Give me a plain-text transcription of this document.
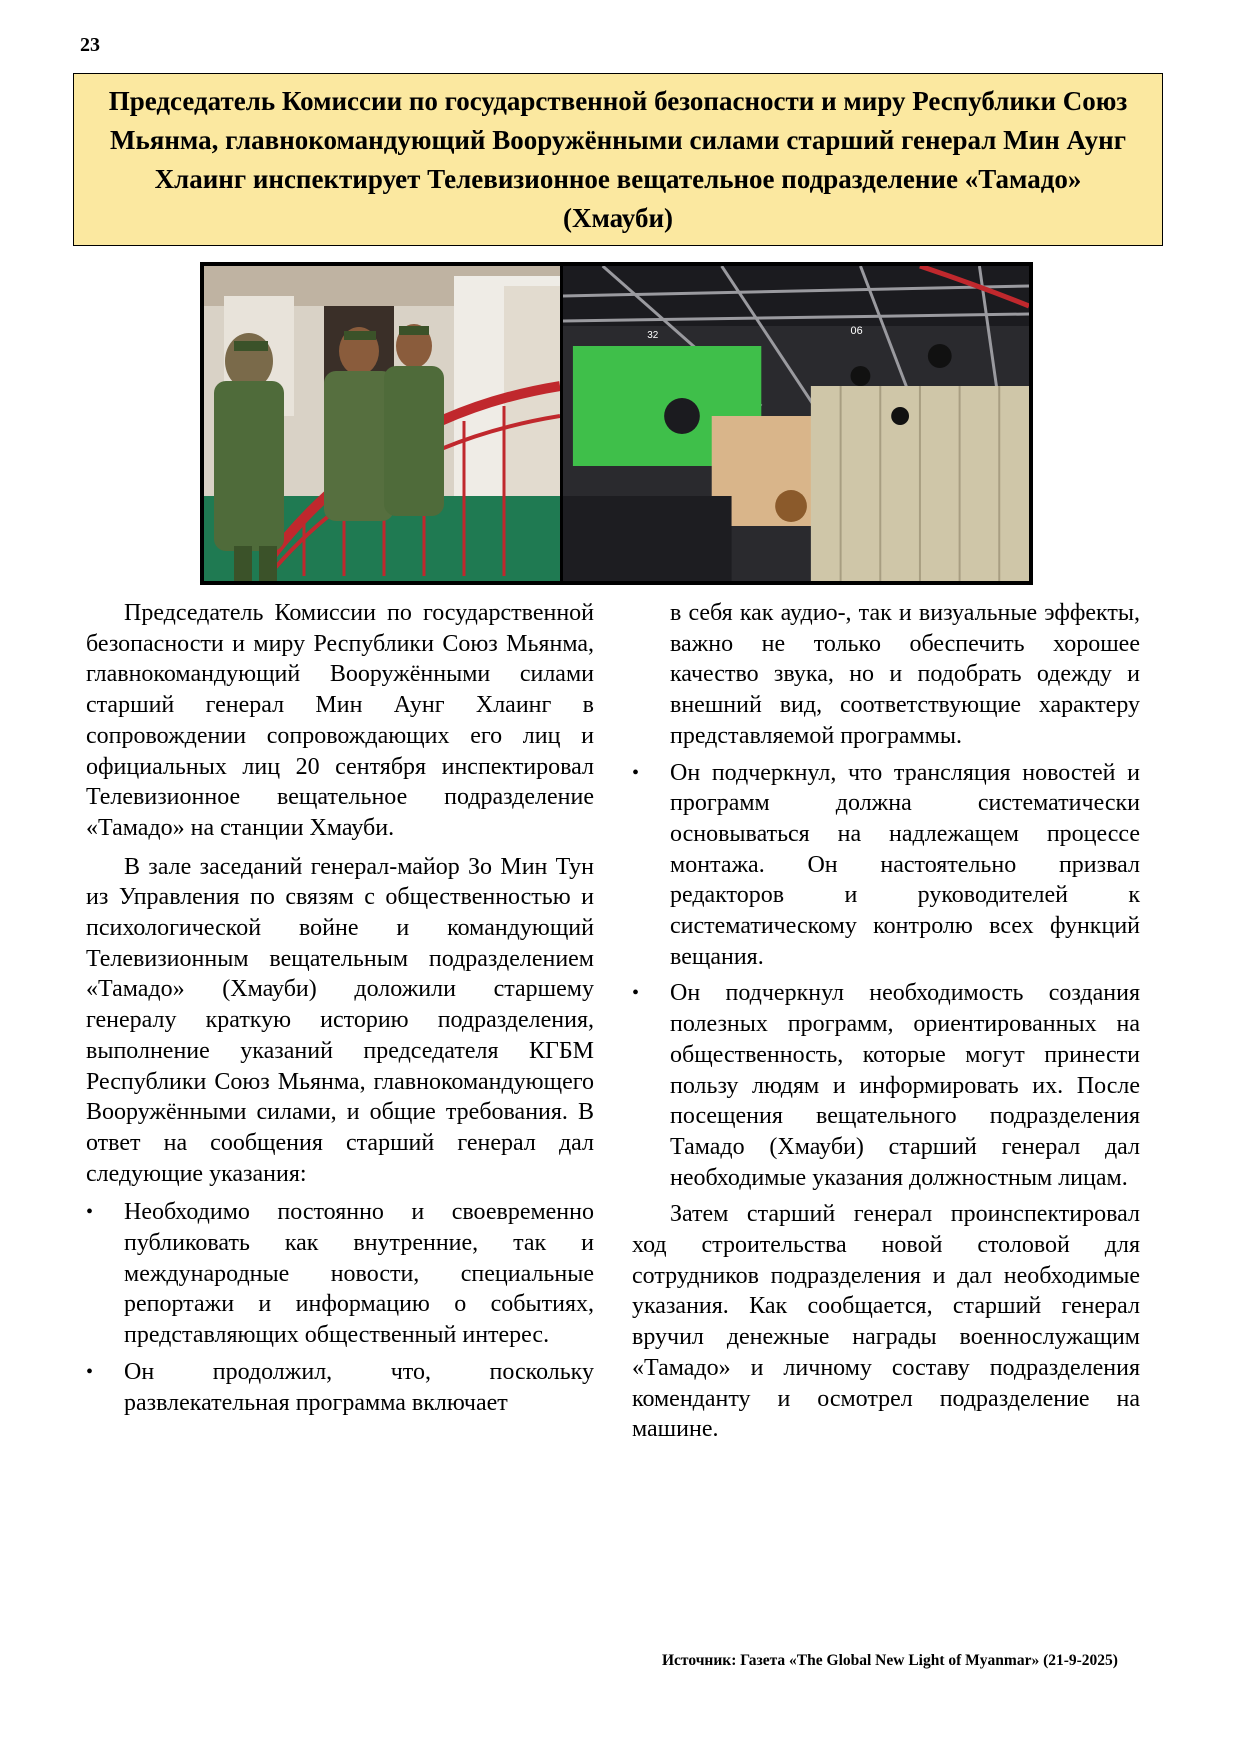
23
Председатель Комиссии по государственной безопасности и миру Республики Союз Мьянма, главнокомандующий Вооружёнными силами старший генерал Мин Аунг Хлаинг инспектирует Телевизионное вещательное подразделение «Тамадо» (Хмауби)
06
32

Председатель Комиссии по государственной безопасности и миру Республики Союз Мьянма, главнокомандующий Вооружёнными силами старший генерал Мин Аунг Хлаинг в сопровождении сопровождающих его лиц и официальных лиц 20 сентября инспектировал Телевизионное вещательное подразделение «Тамадо» на станции Хмауби.

В зале заседаний генерал-майор Зо Мин Тун из Управления по связям с общественностью и психологической войне и командующий Телевизионным вещательным подразделением «Тамадо» (Хмауби) доложили старшему генералу краткую историю подразделения, выполнение указаний председателя КГБМ Республики Союз Мьянма, главнокомандующего Вооружёнными силами, и общие требования. В ответ на сообщения старший генерал дал следующие указания:

• Необходимо постоянно и своевременно публиковать как внутренние, так и международные новости, специальные репортажи и информацию о событиях, представляющих общественный интерес.
• Он продолжил, что, поскольку развлекательная программа включает
в себя как аудио-, так и визуальные эффекты, важно не только обеспечить хорошее качество звука, но и подобрать одежду и внешний вид, соответствующие характеру представляемой программы.
• Он подчеркнул, что трансляция новостей и программ должна систематически основываться на надлежащем процессе монтажа. Он настоятельно призвал редакторов и руководителей к систематическому контролю всех функций вещания.
• Он подчеркнул необходимость создания полезных программ, ориентированных на общественность, которые могут принести пользу людям и информировать их. После посещения вещательного подразделения Тамадо (Хмауби) старший генерал дал необходимые указания должностным лицам.

Затем старший генерал проинспектировал ход строительства новой столовой для сотрудников подразделения и дал необходимые указания. Как сообщается, старший генерал вручил денежные награды военнослужащим «Тамадо» и личному составу подразделения коменданту и осмотрел подразделение на машине.

Источник: Газета «The Global New Light of Myanmar» (21-9-2025)
